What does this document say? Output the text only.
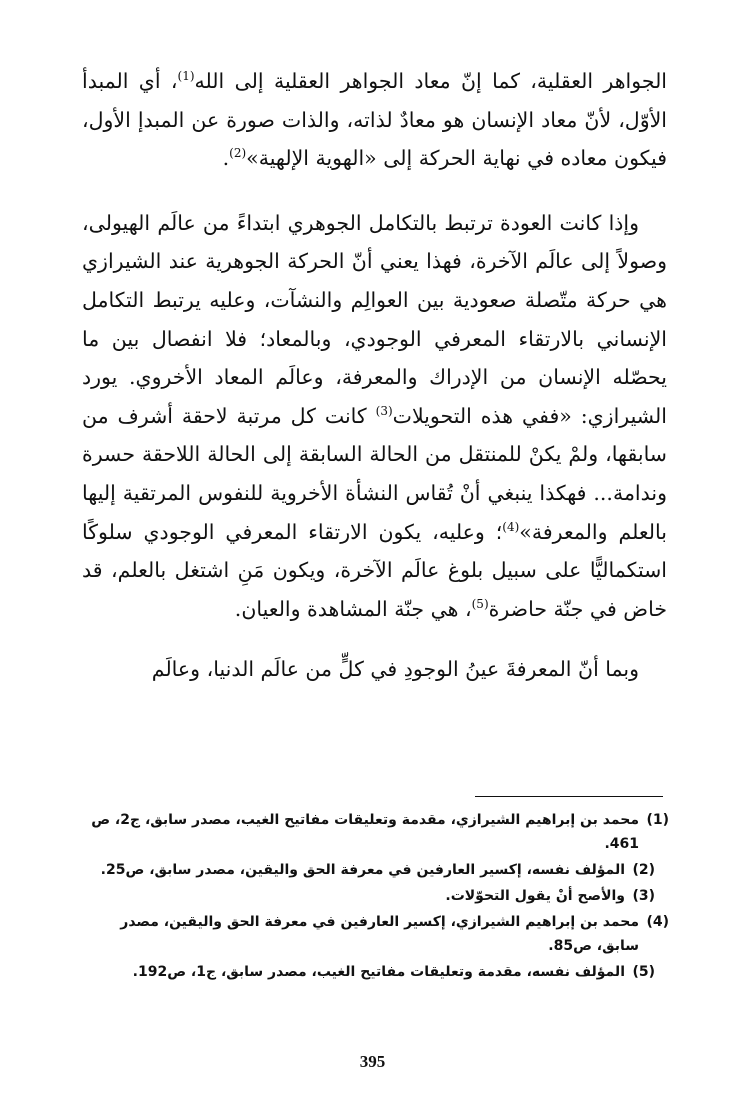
الجواهر العقلية، كما إنّ معاد الجواهر العقلية إلى الله$^{(1)}$، أي المبدأ الأوّل، لأنّ معاد الإنسان هو معادٌ لذاته، والذات صورة عن المبدإ الأول، فيكون معاده في نهاية الحركة إلى «الهوية الإلهية»$^{(2)}$.

وإذا كانت العودة ترتبط بالتكامل الجوهري ابتداءً من عالَم الهيولى، وصولاً إلى عالَم الآخرة، فهذا يعني أنّ الحركة الجوهرية عند الشيرازي هي حركة متّصلة صعودية بين العوالِم والنشآت، وعليه يرتبط التكامل الإنساني بالارتقاء المعرفي الوجودي، وبالمعاد؛ فلا انفصال بين ما يحصّله الإنسان من الإدراك والمعرفة، وعالَم المعاد الأخروي. يورد الشيرازي: «ففي هذه التحويلات$^{(3)}$ كانت كل مرتبة لاحقة أشرف من سابقها، ولمْ يكنْ للمنتقل من الحالة السابقة إلى الحالة اللاحقة حسرة وندامة... فهكذا ينبغي أنْ تُقاس النشأة الأخروية للنفوس المرتقية إليها بالعلم والمعرفة»$^{(4)}$؛ وعليه، يكون الارتقاء المعرفي الوجودي سلوكًا استكماليًّا على سبيل بلوغ عالَم الآخرة، ويكون مَنِ اشتغل بالعلم، قد خاض في جنّة حاضرة$^{(5)}$، هي جنّة المشاهدة والعيان.

وبما أنّ المعرفةَ عينُ الوجودِ في كلٍّ من عالَم الدنيا، وعالَم

(1)
محمد بن إبراهيم الشيرازي، مقدمة وتعليقات مفاتيح الغيب، مصدر سابق، ج2، ص 461.
(2)
المؤلف نفسه، إكسير العارفين في معرفة الحق واليقين، مصدر سابق، ص25.
(3)
والأصح أنْ يقول التحوّلات.
(4)
محمد بن إبراهيم الشيرازي، إكسير العارفين في معرفة الحق واليقين، مصدر سابق، ص85.
(5)
المؤلف نفسه، مقدمة وتعليقات مفاتيح الغيب، مصدر سابق، ج1، ص192.
395
